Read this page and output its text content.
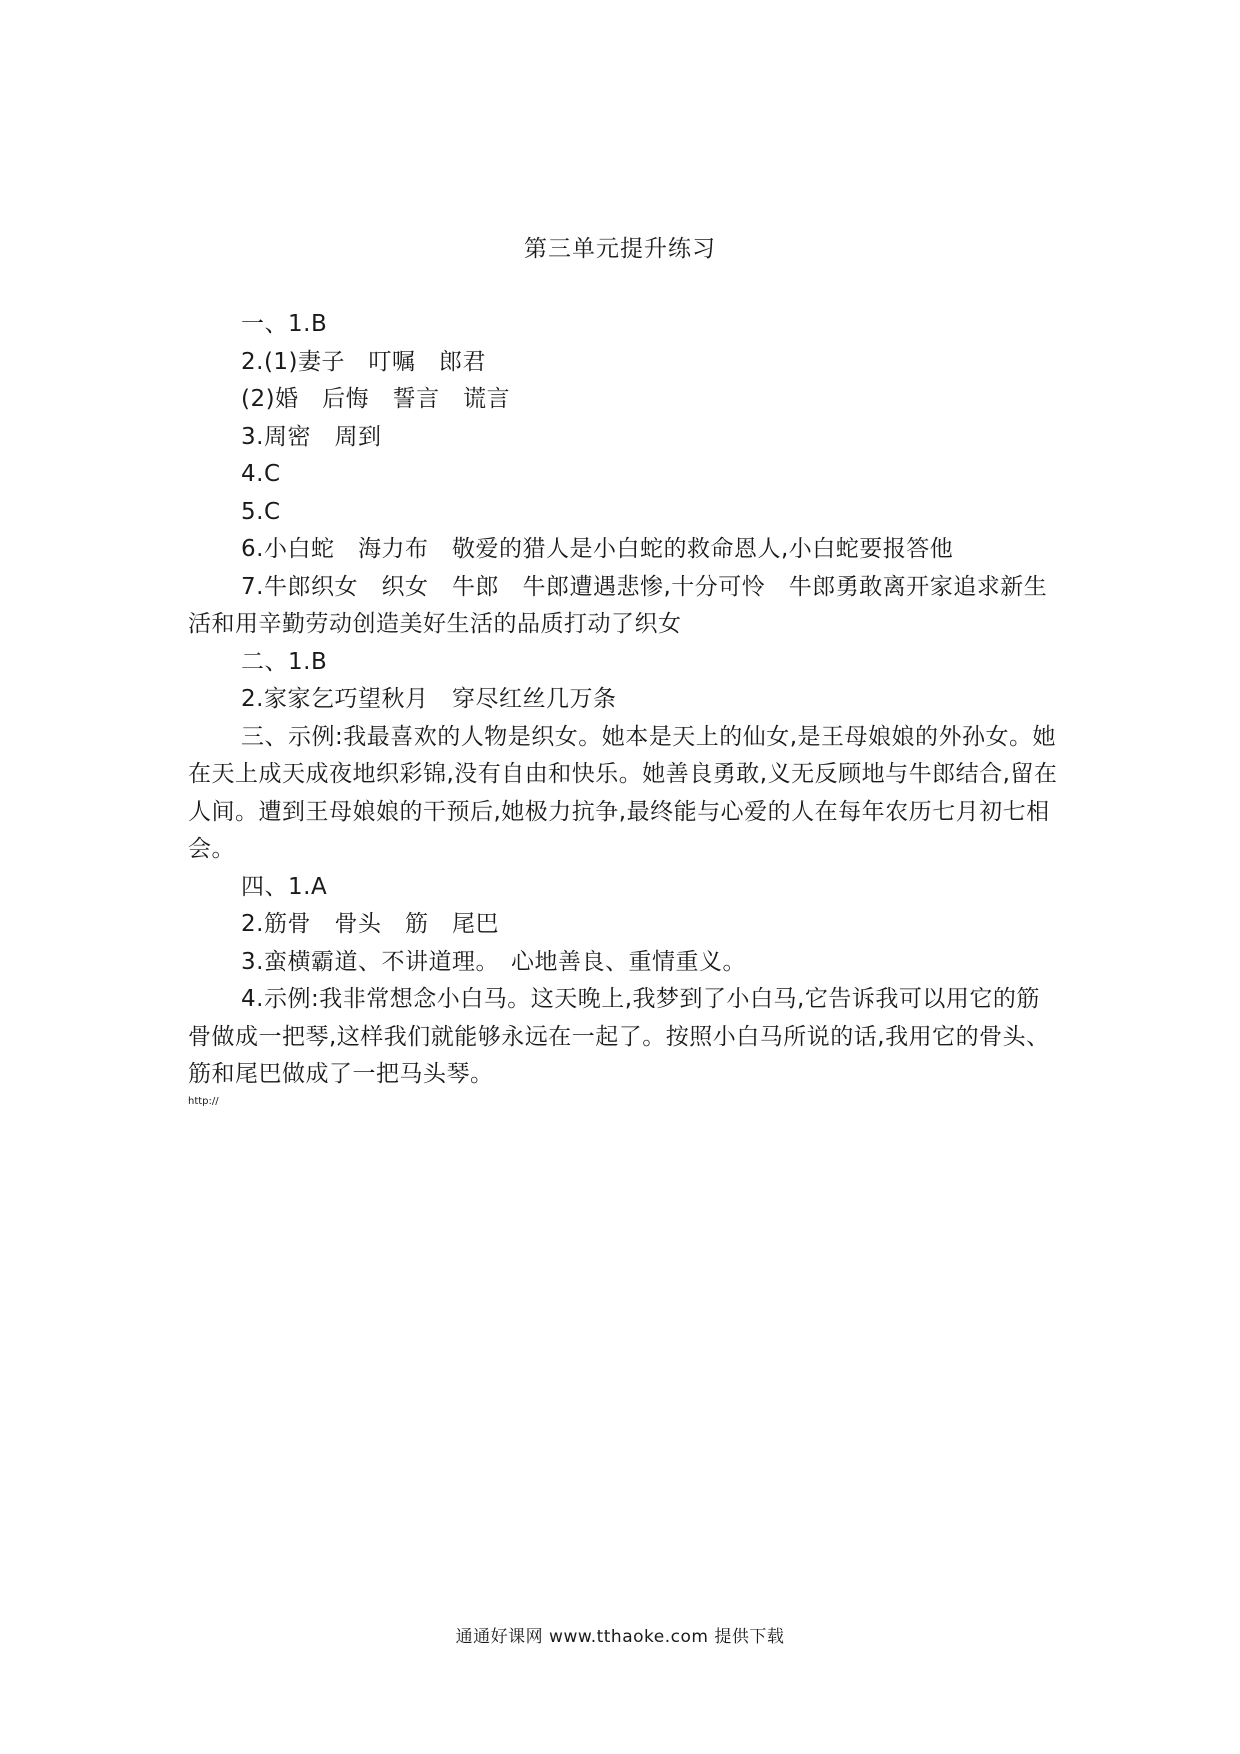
第三单元提升练习

一、1.B

2.(1)妻子　叮嘱　郎君

(2)婚　后悔　誓言　谎言

3.周密　周到

4.C

5.C

6.小白蛇　海力布　敬爱的猎人是小白蛇的救命恩人,小白蛇要报答他

7.牛郎织女　织女　牛郎　牛郎遭遇悲惨,十分可怜　牛郎勇敢离开家追求新生活和用辛勤劳动创造美好生活的品质打动了织女

二、1.B

2.家家乞巧望秋月　穿尽红丝几万条

三、示例:我最喜欢的人物是织女。她本是天上的仙女,是王母娘娘的外孙女。她在天上成天成夜地织彩锦,没有自由和快乐。她善良勇敢,义无反顾地与牛郎结合,留在人间。遭到王母娘娘的干预后,她极力抗争,最终能与心爱的人在每年农历七月初七相会。

四、1.A

2.筋骨　骨头　筋　尾巴

3.蛮横霸道、不讲道理。　心地善良、重情重义。

4.示例:我非常想念小白马。这天晚上,我梦到了小白马,它告诉我可以用它的筋骨做成一把琴,这样我们就能够永远在一起了。按照小白马所说的话,我用它的骨头、筋和尾巴做成了一把马头琴。

http://
通通好课网 www.tthaoke.com 提供下载
